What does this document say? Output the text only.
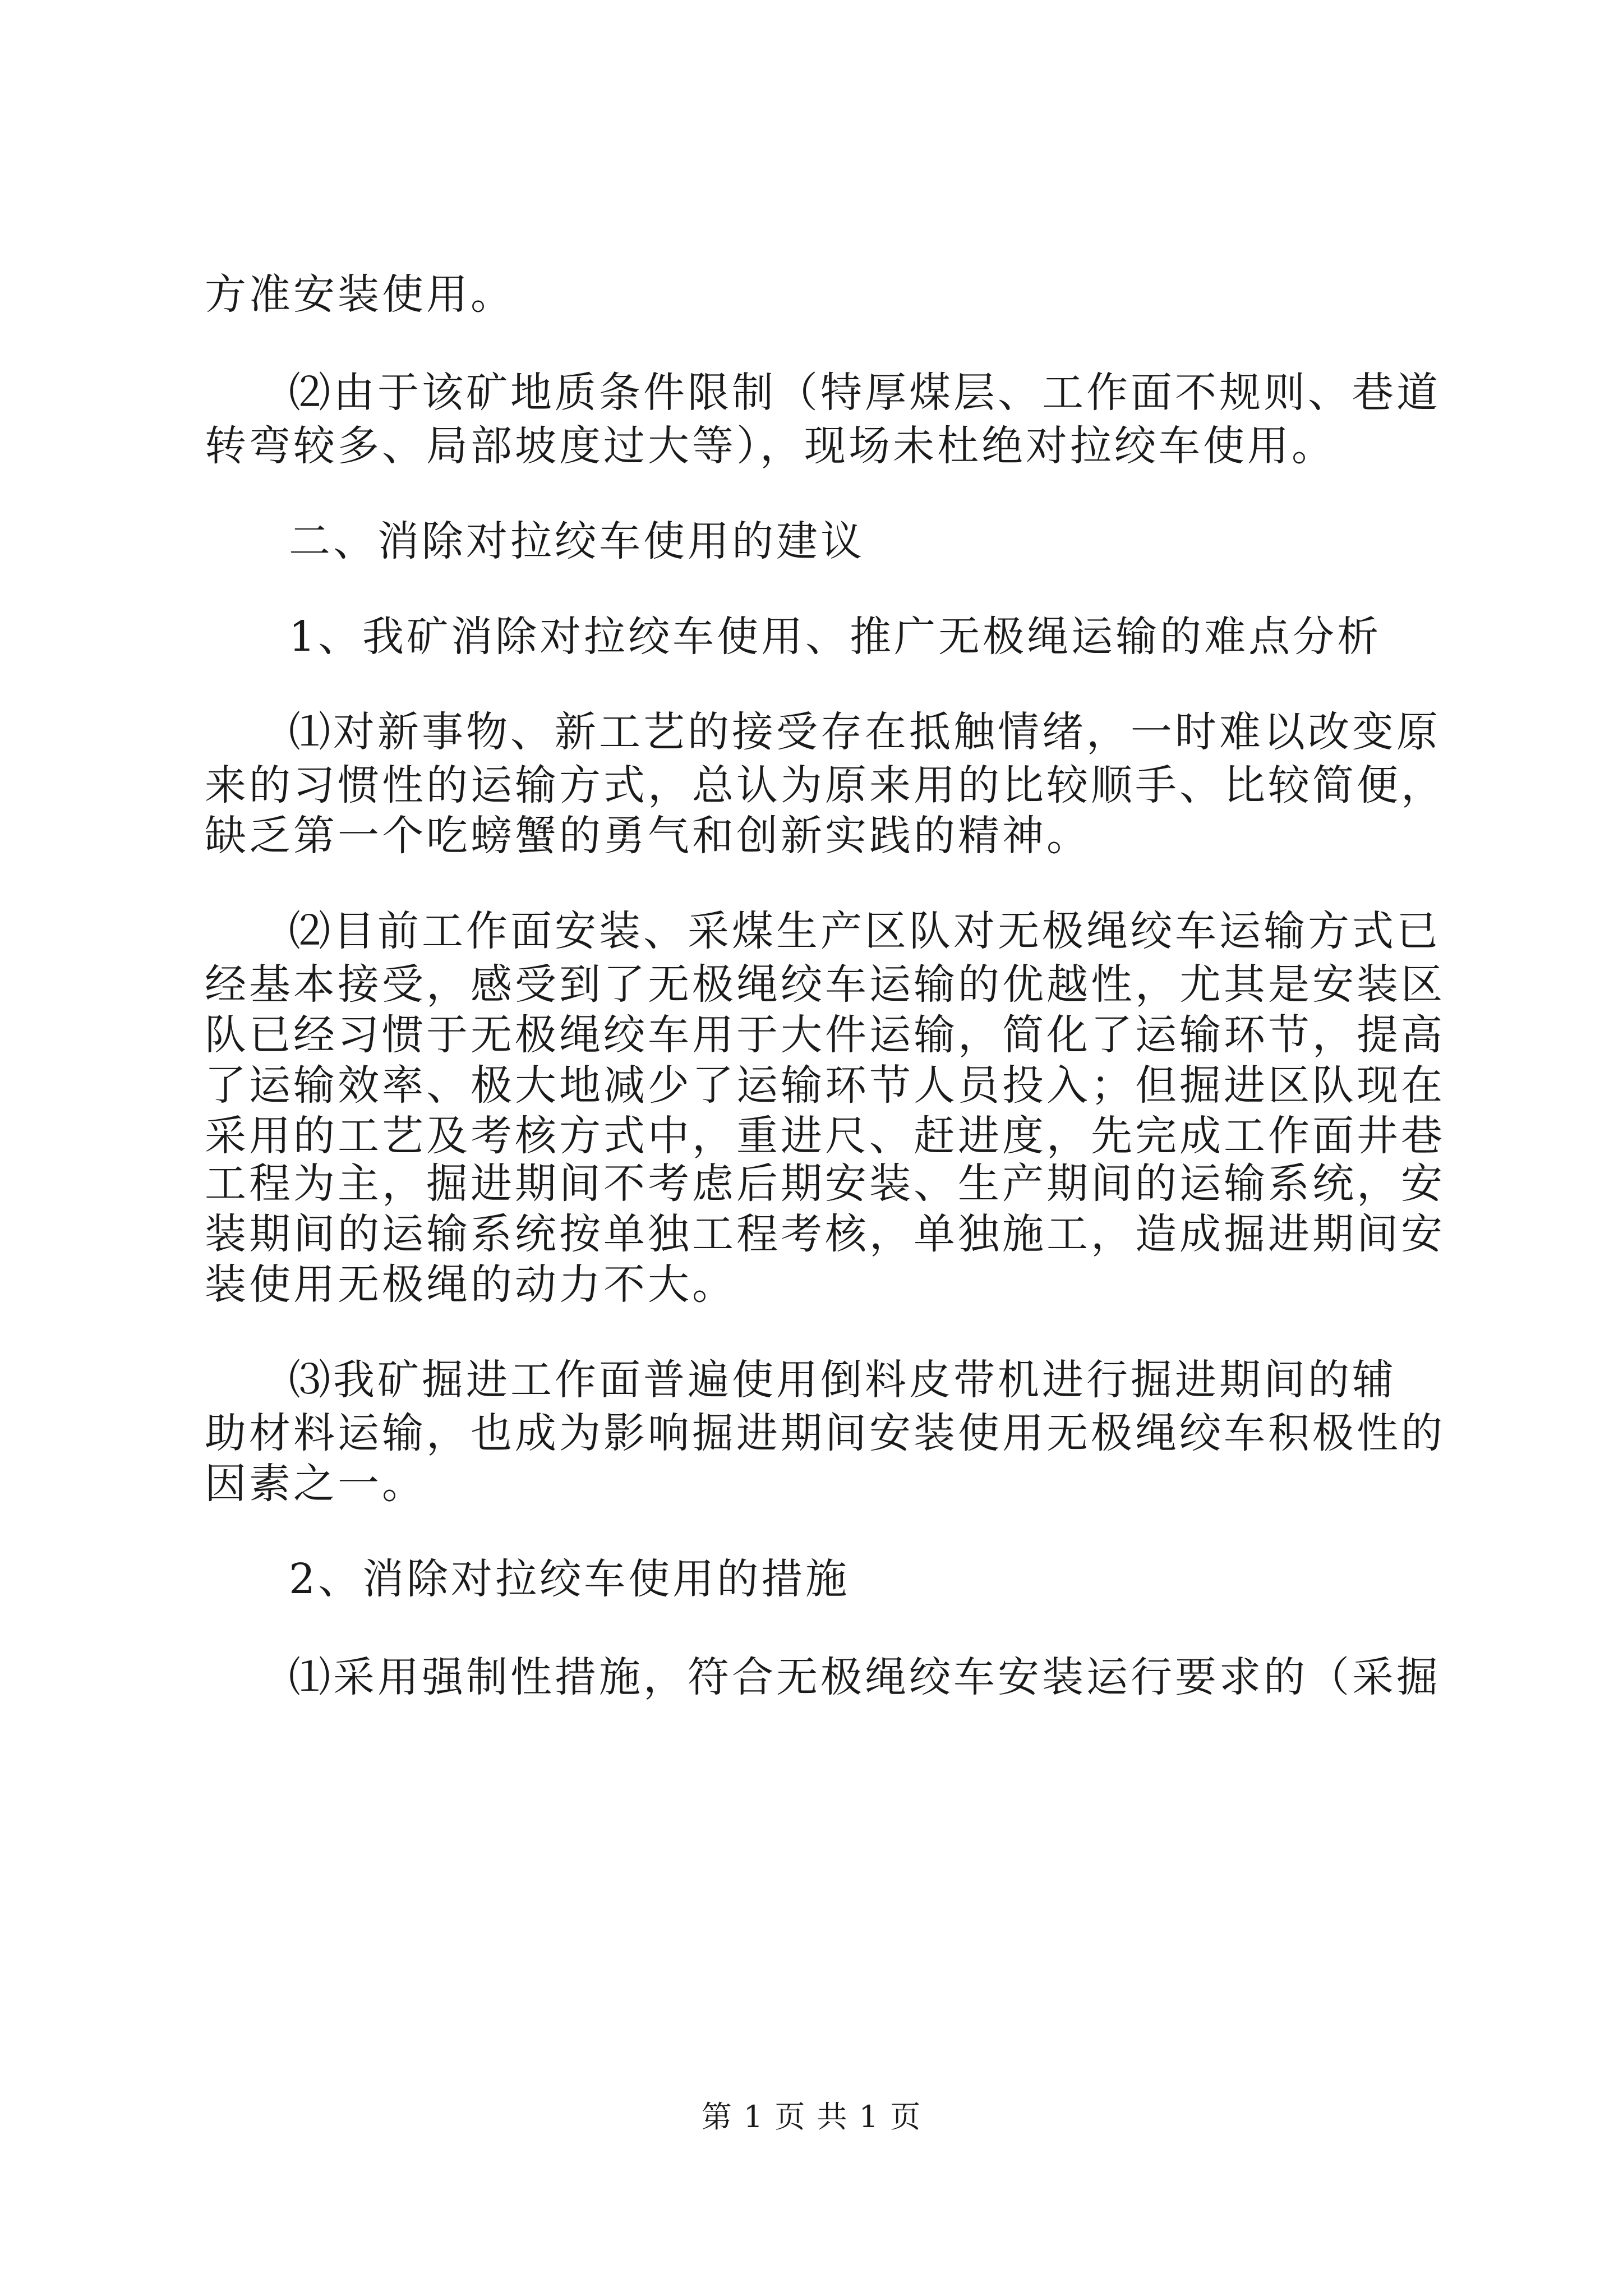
方准安装使用。

⑵由于该矿地质条件限制（特厚煤层、工作面不规则、巷道

转弯较多、局部坡度过大等），现场未杜绝对拉绞车使用。

二、消除对拉绞车使用的建议

1、我矿消除对拉绞车使用、推广无极绳运输的难点分析

⑴对新事物、新工艺的接受存在抵触情绪，一时难以改变原

来的习惯性的运输方式，总认为原来用的比较顺手、比较简便，

缺乏第一个吃螃蟹的勇气和创新实践的精神。

⑵目前工作面安装、采煤生产区队对无极绳绞车运输方式已

经基本接受，感受到了无极绳绞车运输的优越性，尤其是安装区

队已经习惯于无极绳绞车用于大件运输，简化了运输环节，提高

了运输效率、极大地减少了运输环节人员投入；但掘进区队现在

采用的工艺及考核方式中，重进尺、赶进度，先完成工作面井巷

工程为主，掘进期间不考虑后期安装、生产期间的运输系统，安

装期间的运输系统按单独工程考核，单独施工，造成掘进期间安

装使用无极绳的动力不大。

⑶我矿掘进工作面普遍使用倒料皮带机进行掘进期间的辅

助材料运输，也成为影响掘进期间安装使用无极绳绞车积极性的

因素之一。

2、消除对拉绞车使用的措施

⑴采用强制性措施，符合无极绳绞车安装运行要求的（采掘

第 1 页 共 1 页
